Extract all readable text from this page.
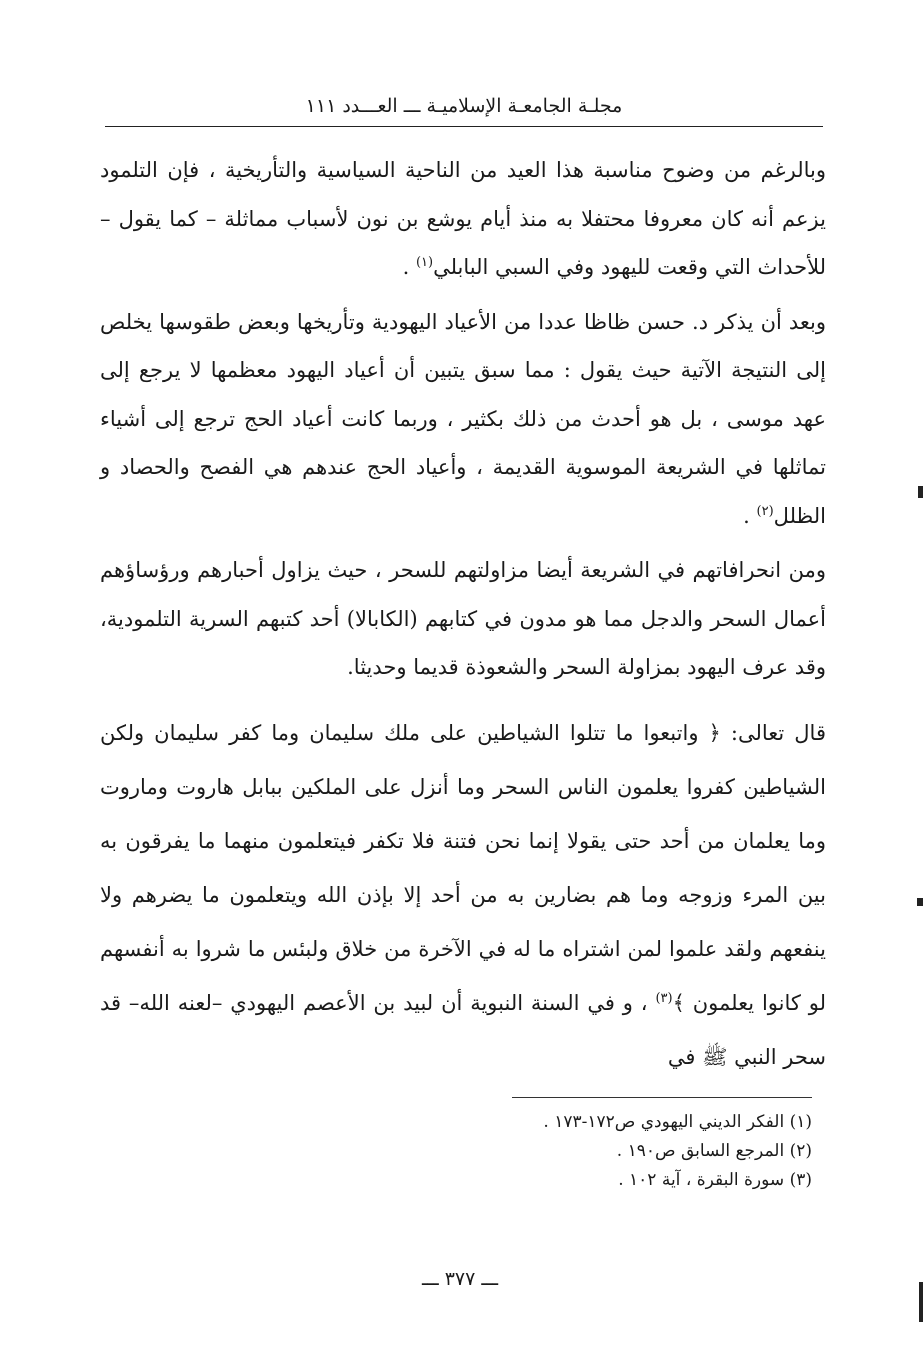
مجلـة الجامعـة الإسلاميـة ـــ العـــدد ١١١

وبالرغم من وضوح مناسبة هذا العيد من الناحية السياسية والتأريخية ، فإن التلمود يزعم أنه كان معروفا محتفلا به منذ أيام يوشع بن نون لأسباب مماثلة – كما يقول – للأحداث التي وقعت لليهود وفي السبي البابلي$^{(١)}$ .

وبعد أن يذكر د. حسن ظاظا عددا من الأعياد اليهودية وتأريخها وبعض طقوسها يخلص إلى النتيجة الآتية حيث يقول : مما سبق يتبين أن أعياد اليهود معظمها لا يرجع إلى عهد موسى ، بل هو أحدث من ذلك بكثير ، وربما كانت أعياد الحج ترجع إلى أشياء تماثلها في الشريعة الموسوية القديمة ، وأعياد الحج عندهم هي الفصح والحصاد و الظلل$^{(٢)}$ .

ومن انحرافاتهم في الشريعة أيضا مزاولتهم للسحر ، حيث يزاول أحبارهم ورؤساؤهم أعمال السحر والدجل مما هو مدون في كتابهم (الكابالا) أحد كتبهم السرية التلمودية، وقد عرف اليهود بمزاولة السحر والشعوذة قديما وحديثا.

قال تعالى: ﴿ واتبعوا ما تتلوا الشياطين على ملك سليمان وما كفر سليمان ولكن الشياطين كفروا يعلمون الناس السحر وما أنزل على الملكين ببابل هاروت وماروت وما يعلمان من أحد حتى يقولا إنما نحن فتنة فلا تكفر فيتعلمون منهما ما يفرقون به بين المرء وزوجه وما هم بضارين به من أحد إلا بإذن الله ويتعلمون ما يضرهم ولا ينفعهم ولقد علموا لمن اشتراه ما له في الآخرة من خلاق ولبئس ما شروا به أنفسهم لو كانوا يعلمون ﴾$^{(٣)}$ ، و في السنة النبوية أن لبيد بن الأعصم اليهودي –لعنه الله– قد سحر النبي ﷺ في

(١) الفكر الديني اليهودي ص١٧٢-١٧٣ .

(٢) المرجع السابق ص١٩٠ .

(٣) سورة البقرة ، آية ١٠٢ .

ـــ ٣٧٧ ـــ
